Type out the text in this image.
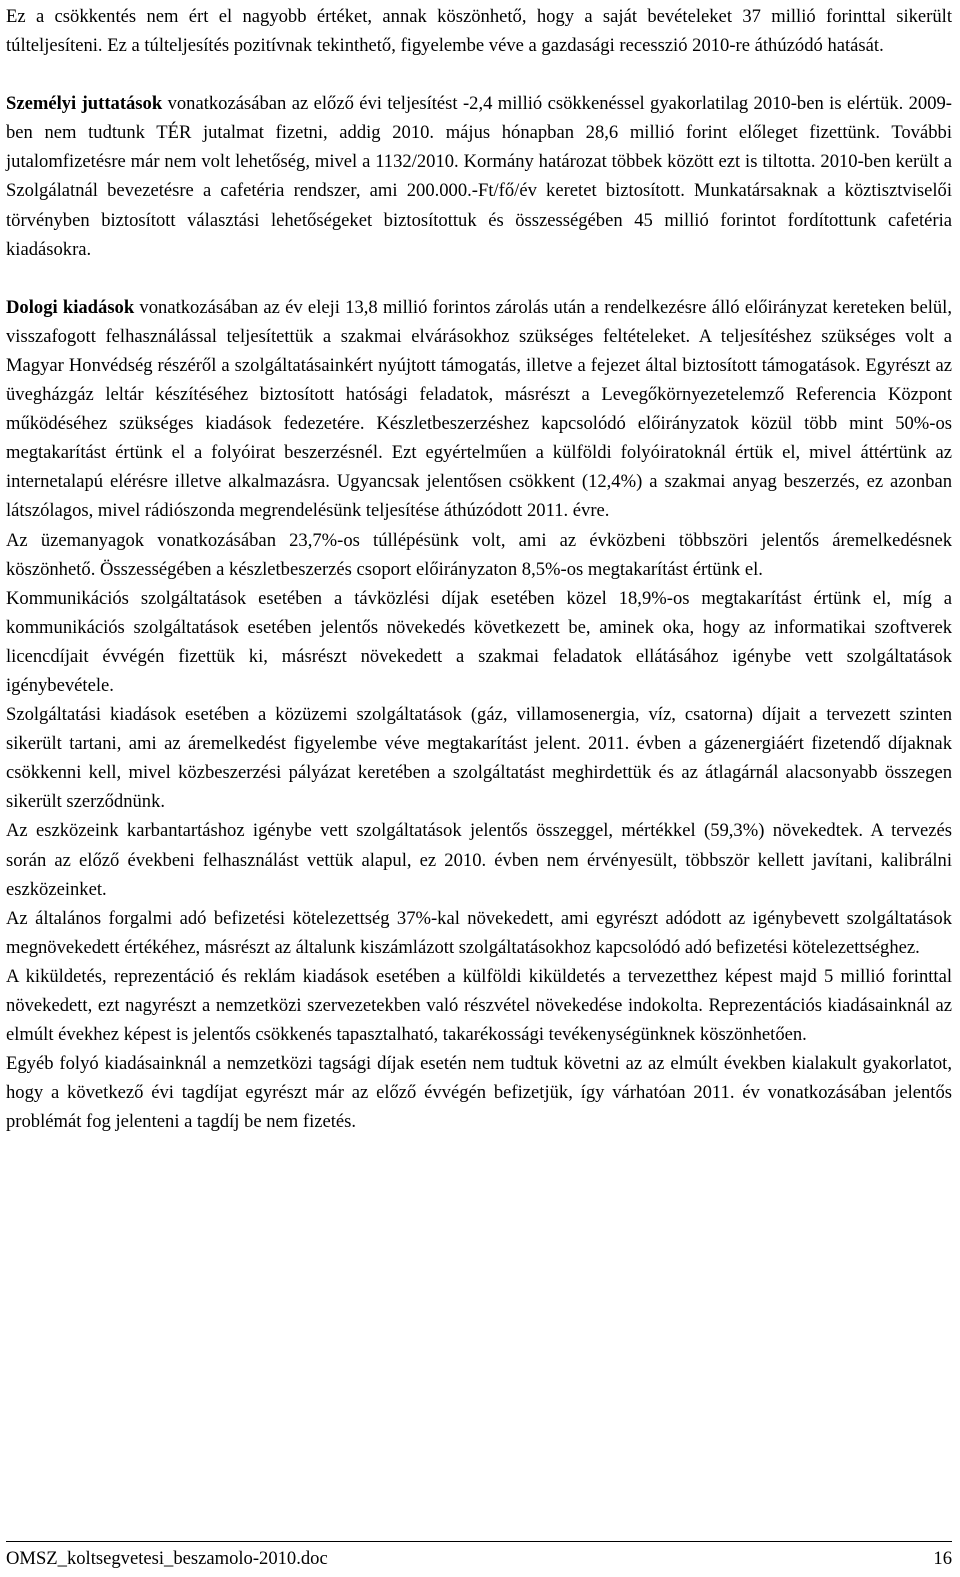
Ez a csökkentés nem ért el nagyobb értéket, annak köszönhető, hogy a saját bevételeket 37 millió forinttal sikerült túlteljesíteni. Ez a túlteljesítés pozitívnak tekinthető, figyelembe véve a gazdasági recesszió 2010-re áthúzódó hatását.

Személyi juttatások vonatkozásában az előző évi teljesítést -2,4 millió csökkenéssel gyakorlatilag 2010-ben is elértük. 2009-ben nem tudtunk TÉR jutalmat fizetni, addig 2010. május hónapban 28,6 millió forint előleget fizettünk. További jutalomfizetésre már nem volt lehetőség, mivel a 1132/2010. Kormány határozat többek között ezt is tiltotta. 2010-ben került a Szolgálatnál bevezetésre a cafetéria rendszer, ami 200.000.-Ft/fő/év keretet biztosított. Munkatársaknak a köztisztviselői törvényben biztosított választási lehetőségeket biztosítottuk és összességében 45 millió forintot fordítottunk cafetéria kiadásokra.

Dologi kiadások vonatkozásában az év eleji 13,8 millió forintos zárolás után a rendelkezésre álló előirányzat kereteken belül, visszafogott felhasználással teljesítettük a szakmai elvárásokhoz szükséges feltételeket. A teljesítéshez szükséges volt a Magyar Honvédség részéről a szolgáltatásainkért nyújtott támogatás, illetve a fejezet által biztosított támogatások. Egyrészt az üvegházgáz leltár készítéséhez biztosított hatósági feladatok, másrészt a Levegőkörnyezetelemző Referencia Központ működéséhez szükséges kiadások fedezetére. Készletbeszerzéshez kapcsolódó előirányzatok közül több mint 50%-os megtakarítást értünk el a folyóirat beszerzésnél. Ezt egyértelműen a külföldi folyóiratoknál értük el, mivel áttértünk az internetalapú elérésre illetve alkalmazásra. Ugyancsak jelentősen csökkent (12,4%) a szakmai anyag beszerzés, ez azonban látszólagos, mivel rádiószonda megrendelésünk teljesítése áthúzódott 2011. évre.

Az üzemanyagok vonatkozásában 23,7%-os túllépésünk volt, ami az évközbeni többszöri jelentős áremelkedésnek köszönhető. Összességében a készletbeszerzés csoport előirányzaton 8,5%-os megtakarítást értünk el.

Kommunikációs szolgáltatások esetében a távközlési díjak esetében közel 18,9%-os megtakarítást értünk el, míg a kommunikációs szolgáltatások esetében jelentős növekedés következett be, aminek oka, hogy az informatikai szoftverek licencdíjait évvégén fizettük ki, másrészt növekedett a szakmai feladatok ellátásához igénybe vett szolgáltatások igénybevétele.

Szolgáltatási kiadások esetében a közüzemi szolgáltatások (gáz, villamosenergia, víz, csatorna) díjait a tervezett szinten sikerült tartani, ami az áremelkedést figyelembe véve megtakarítást jelent. 2011. évben a gázenergiáért fizetendő díjaknak csökkenni kell, mivel közbeszerzési pályázat keretében a szolgáltatást meghirdettük és az átlagárnál alacsonyabb összegen sikerült szerződnünk.

Az eszközeink karbantartáshoz igénybe vett szolgáltatások jelentős összeggel, mértékkel (59,3%) növekedtek. A tervezés során az előző évekbeni felhasználást vettük alapul, ez 2010. évben nem érvényesült, többször kellett javítani, kalibrálni eszközeinket.

Az általános forgalmi adó befizetési kötelezettség 37%-kal növekedett, ami egyrészt adódott az igénybevett szolgáltatások megnövekedett értékéhez, másrészt az általunk kiszámlázott szolgáltatásokhoz kapcsolódó adó befizetési kötelezettséghez.

A kiküldetés, reprezentáció és reklám kiadások esetében a külföldi kiküldetés a tervezetthez képest majd 5 millió forinttal növekedett, ezt nagyrészt a nemzetközi szervezetekben való részvétel növekedése indokolta. Reprezentációs kiadásainknál az elmúlt évekhez képest is jelentős csökkenés tapasztalható, takarékossági tevékenységünknek köszönhetően.

Egyéb folyó kiadásainknál a nemzetközi tagsági díjak esetén nem tudtuk követni az az elmúlt években kialakult gyakorlatot, hogy a következő évi tagdíjat egyrészt már az előző évvégén befizetjük, így várhatóan 2011. év vonatkozásában jelentős problémát fog jelenteni a tagdíj be nem fizetés.

OMSZ_koltsegvetesi_beszamolo-2010.doc	16
